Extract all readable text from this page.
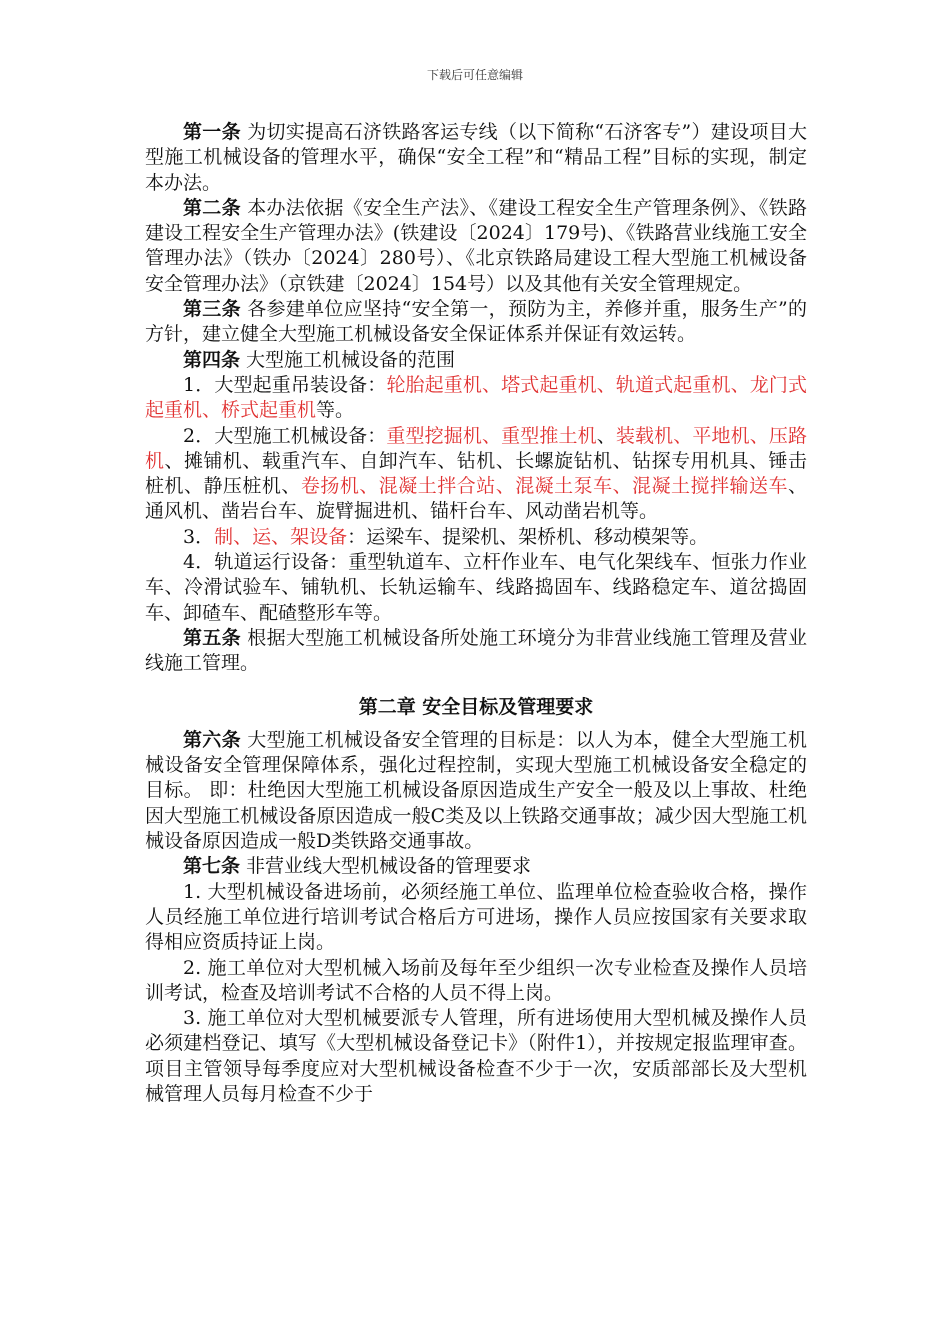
下载后可任意编辑

第一条 为切实提高石济铁路客运专线（以下简称“石济客专”）建设项目大型施工机械设备的管理水平，确保“安全工程”和“精品工程”目标的实现，制定本办法。

第二条 本办法依据《安全生产法》、《建设工程安全生产管理条例》、《铁路建设工程安全生产管理办法》(铁建设〔2024〕179号)、《铁路营业线施工安全管理办法》（铁办〔2024〕280号）、《北京铁路局建设工程大型施工机械设备安全管理办法》（京铁建〔2024〕154号）以及其他有关安全管理规定。

第三条 各参建单位应坚持“安全第一，预防为主，养修并重，服务生产”的方针，建立健全大型施工机械设备安全保证体系并保证有效运转。

第四条 大型施工机械设备的范围

1．大型起重吊装设备：轮胎起重机、塔式起重机、轨道式起重机、龙门式起重机、桥式起重机等。

2．大型施工机械设备：重型挖掘机、重型推土机、装载机、平地机、压路机、摊铺机、载重汽车、自卸汽车、钻机、长螺旋钻机、钻探专用机具、锤击桩机、静压桩机、卷扬机、混凝土拌合站、混凝土泵车、混凝土搅拌输送车、通风机、凿岩台车、旋臂掘进机、锚杆台车、风动凿岩机等。

3．制、运、架设备：运梁车、提梁机、架桥机、移动模架等。

4．轨道运行设备：重型轨道车、立杆作业车、电气化架线车、恒张力作业车、冷滑试验车、铺轨机、长轨运输车、线路捣固车、线路稳定车、道岔捣固车、卸碴车、配碴整形车等。

第五条 根据大型施工机械设备所处施工环境分为非营业线施工管理及营业线施工管理。

第二章 安全目标及管理要求

第六条 大型施工机械设备安全管理的目标是：以人为本，健全大型施工机械设备安全管理保障体系，强化过程控制，实现大型施工机械设备安全稳定的目标。 即：杜绝因大型施工机械设备原因造成生产安全一般及以上事故、杜绝因大型施工机械设备原因造成一般C类及以上铁路交通事故；减少因大型施工机械设备原因造成一般D类铁路交通事故。

第七条 非营业线大型机械设备的管理要求

1. 大型机械设备进场前，必须经施工单位、监理单位检查验收合格，操作人员经施工单位进行培训考试合格后方可进场，操作人员应按国家有关要求取得相应资质持证上岗。

2. 施工单位对大型机械入场前及每年至少组织一次专业检查及操作人员培训考试，检查及培训考试不合格的人员不得上岗。

3. 施工单位对大型机械要派专人管理，所有进场使用大型机械及操作人员必须建档登记、填写《大型机械设备登记卡》（附件1），并按规定报监理审查。项目主管领导每季度应对大型机械设备检查不少于一次，安质部部长及大型机械管理人员每月检查不少于
